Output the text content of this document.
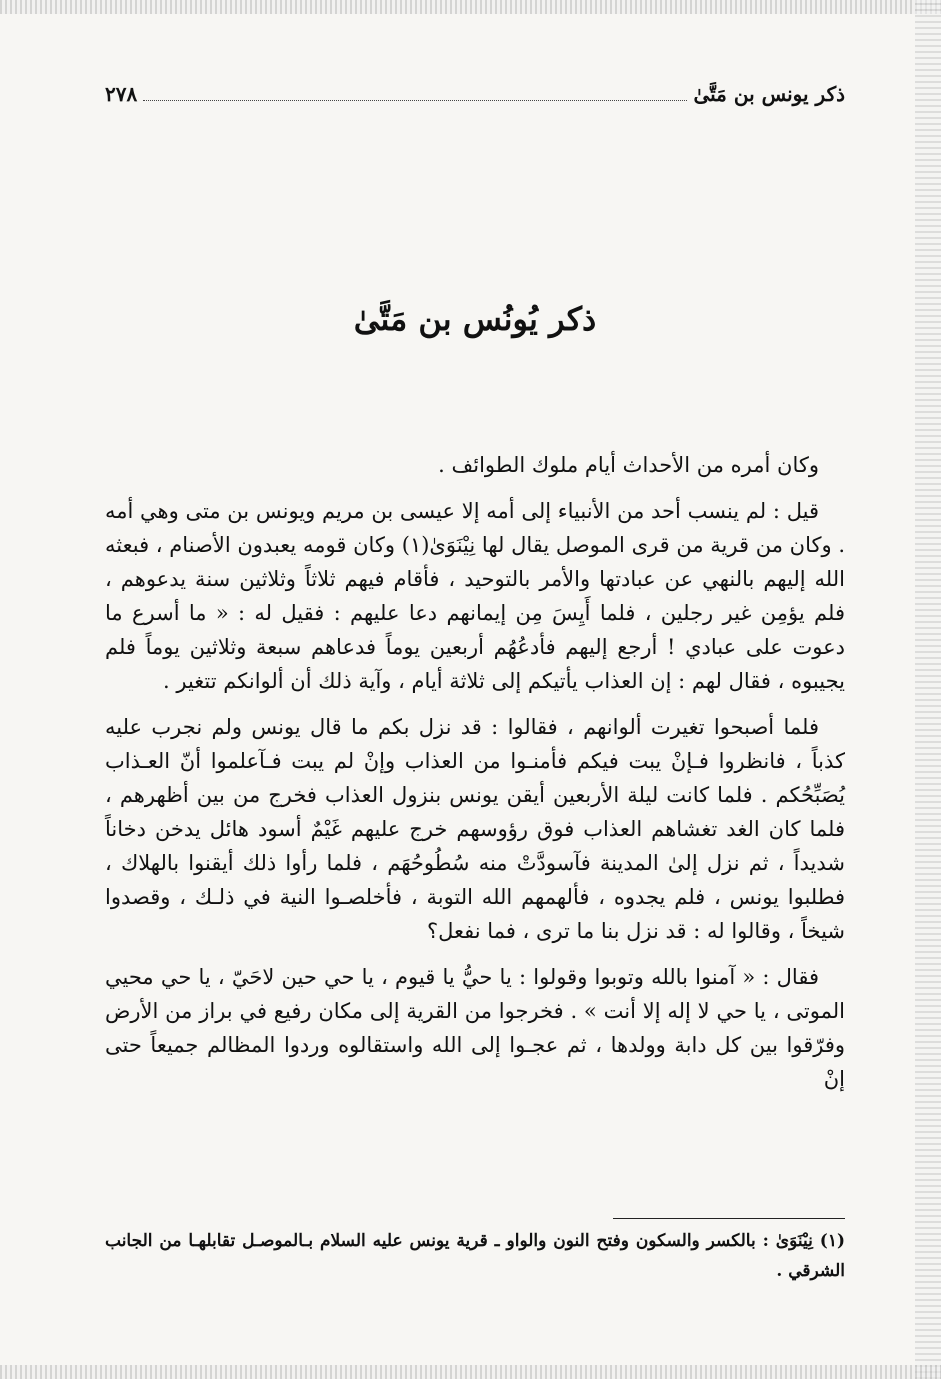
ذكر يونس بن مَتَّىٰ
٢٧٨
ذكر يُونُس بن مَتَّىٰ

وكان أمره من الأحداث أيام ملوك الطوائف .

قيل : لم ينسب أحد من الأنبياء إلى أمه إلا عيسى بن مريم ويونس بن متى وهي أمه . وكان من قرية من قرى الموصل يقال لها نِيْنَوَىٰ(١) وكان قومه يعبدون الأصنام ، فبعثه الله إليهم بالنهي عن عبادتها والأمر بالتوحيد ، فأقام فيهم ثلاثاً وثلاثين سنة يدعوهم ، فلم يؤمِن غير رجلين ، فلما أَيِسَ مِن إيمانهم دعا عليهم : فقيل له : « ما أسرع ما دعوت على عبادي ! أرجع إليهم فأدعُهُم أربعين يوماً فدعاهم سبعة وثلاثين يوماً فلم يجيبوه ، فقال لهم : إن العذاب يأتيكم إلى ثلاثة أيام ، وآية ذلك أن ألوانكم تتغير .

فلما أصبحوا تغيرت ألوانهم ، فقالوا : قد نزل بكم ما قال يونس ولم نجرب عليه كذباً ، فانظروا فـإنْ يبت فيكم فأمنـوا من العذاب وإنْ لم يبت فـآعلموا أنّ العـذاب يُصَبِّحُكم . فلما كانت ليلة الأربعين أيقن يونس بنزول العذاب فخرج من بين أظهرهم ، فلما كان الغد تغشاهم العذاب فوق رؤوسهم خرج عليهم غَيْمٌ أسود هائل يدخن دخاناً شديداً ، ثم نزل إلىٰ المدينة فآسودَّتْ منه سُطُوحُهَم ، فلما رأوا ذلك أيقنوا بالهلاك ، فطلبوا يونس ، فلم يجدوه ، فألهمهم الله التوبة ، فأخلصـوا النية في ذلـك ، وقصدوا شيخاً ، وقالوا له : قد نزل بنا ما ترى ، فما نفعل؟

فقال : « آمنوا بالله وتوبوا وقولوا : يا حيُّ يا قيوم ، يا حي حين لاحَيّ ، يا حي محيي الموتى ، يا حي لا إله إلا أنت » . فخرجوا من القرية إلى مكان رفيع في براز من الأرض وفرّقوا بين كل دابة وولدها ، ثم عجـوا إلى الله واستقالوه وردوا المظالم جميعاً حتى إنْ

(١) نِيْنَوَىٰ : بالكسر والسكون وفتح النون والواو ـ قرية يونس عليه السلام بـالموصـل تقابلهـا من الجانب الشرقي .
